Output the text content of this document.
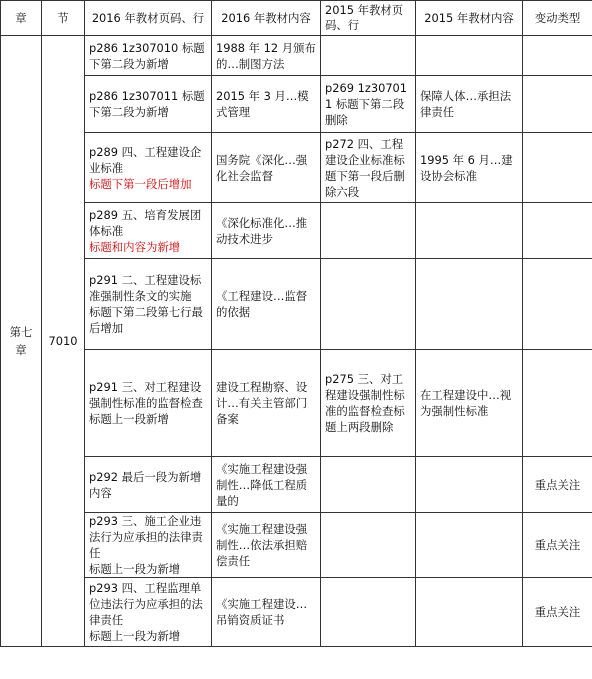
章	节	2016 年教材页码、行	2016 年教材内容	2015 年教材页码、行	2015 年教材内容	变动类型
第七章	7010	p286 1z307010 标题下第二段为新增	1988 年 12 月颁布的…制图方法			

		p286 1z307011 标题下第二段为新增	2015 年 3 月…模式管理	p269 1z307011 标题下第二段删除	保障人体…承担法律责任	

		p289 四、工程建设企业标准
标题下第一段后增加	国务院《深化…强化社会监督	p272 四、工程建设企业标准标题下第一段后删除六段	1995 年 6 月…建设协会标准	

		p289 五、培育发展团体标准
标题和内容为新增	《深化标准化…推动技术进步			

		p291 二、工程建设标准强制性条文的实施
标题下第二段第七行最后增加	《工程建设…监督的依据			

		p291 三、对工程建设强制性标准的监督检查
标题上一段新增	建设工程勘察、设计…有关主管部门备案	p275 三、对工程建设强制性标准的监督检查标题上两段删除	在工程建设中…视为强制性标准	

		p292 最后一段为新增内容	《实施工程建设强制性…降低工程质量的			重点关注

		p293 三、施工企业违法行为应承担的法律责任
标题上一段为新增	《实施工程建设强制性…依法承担赔偿责任			重点关注

		p293 四、工程监理单位违法行为应承担的法律责任
标题上一段为新增	《实施工程建设…吊销资质证书			重点关注
